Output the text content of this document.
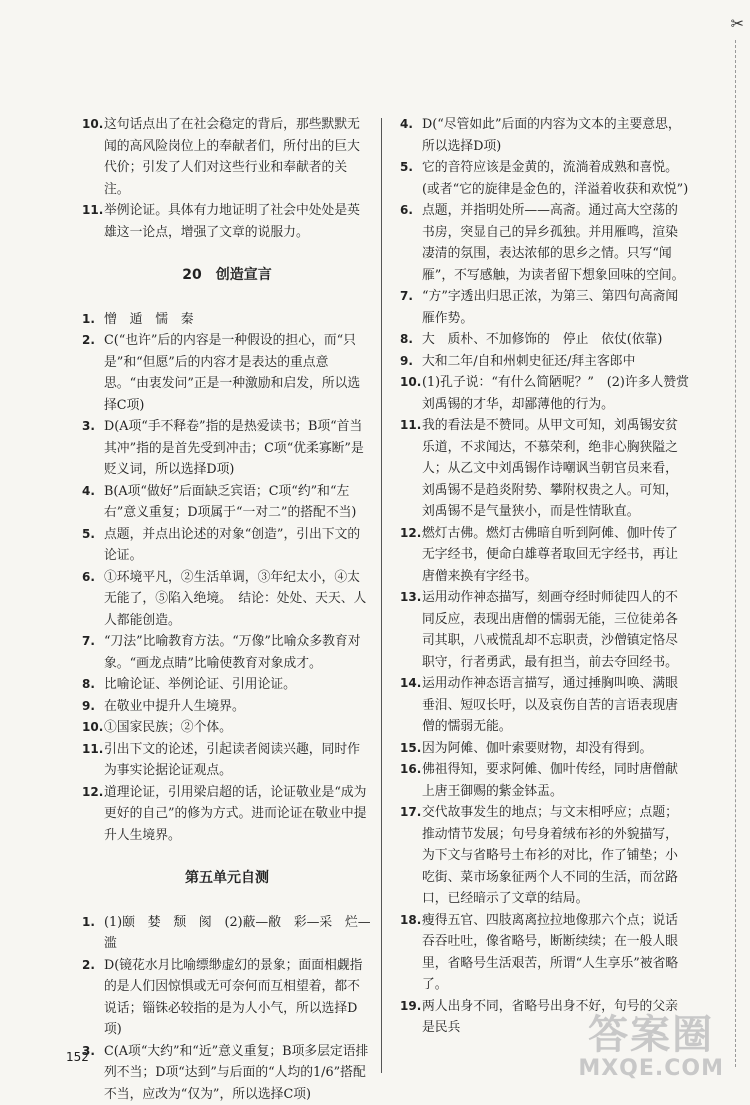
✂
10. 这句话点出了在社会稳定的背后，那些默默无闻的高风险岗位上的奉献者们，所付出的巨大代价；引发了人们对这些行业和奉献者的关注。
11. 举例论证。具体有力地证明了社会中处处是英雄这一论点，增强了文章的说服力。
20　创造宣言
1. 憎　遁　懦　秦
2. C(“也许”后的内容是一种假设的担心，而“只是”和“但愿”后的内容才是表达的重点意思。“由衷发问”正是一种激励和启发，所以选择C项)
3. D(A项“手不释卷”指的是热爱读书；B项“首当其冲”指的是首先受到冲击；C项“优柔寡断”是贬义词，所以选择D项)
4. B(A项“做好”后面缺乏宾语；C项“约”和“左右”意义重复；D项属于“一对二”的搭配不当)
5. 点题，并点出论述的对象“创造”，引出下文的论证。
6. ①环境平凡，②生活单调，③年纪太小，④太无能了，⑤陷入绝境。　结论：处处、天天、人人都能创造。
7. “刀法”比喻教育方法。“万像”比喻众多教育对象。“画龙点睛”比喻使教育对象成才。
8. 比喻论证、举例论证、引用论证。
9. 在敬业中提升人生境界。
10. ①国家民族；②个体。
11. 引出下文的论述，引起读者阅读兴趣，同时作为事实论据论证观点。
12. 道理论证，引用梁启超的话，论证敬业是“成为更好的自己”的修为方式。进而论证在敬业中提升人生境界。
第五单元自测
1. (1)颐　婪　颓　阂　(2)蔽—敝　彩—采　烂—滥
2. D(镜花水月比喻缥缈虚幻的景象；面面相觑指的是人们因惊惧或无可奈何而互相望着，都不说话；锱铢必较指的是为人小气，所以选择D项)
3. C(A项“大约”和“近”意义重复；B项多层定语排列不当；D项“达到”与后面的“人均的1/6”搭配不当，应改为“仅为”，所以选择C项)
4. D(“尽管如此”后面的内容为文本的主要意思，所以选择D项)
5. 它的音符应该是金黄的，流淌着成熟和喜悦。(或者“它的旋律是金色的，洋溢着收获和欢悦”)
6. 点题，并指明处所——高斋。通过高大空荡的书房，突显自己的异乡孤独。并用雁鸣，渲染凄清的氛围，表达浓郁的思乡之情。只写“闻雁”，不写感触，为读者留下想象回味的空间。
7. “方”字透出归思正浓，为第三、第四句高斋闻雁作势。
8. 大　质朴、不加修饰的　停止　依仗(依靠)
9. 大和二年/自和州刺史征还/拜主客郎中
10. (1)孔子说：“有什么简陋呢？”　(2)许多人赞赏刘禹锡的才华，却鄙薄他的行为。
11. 我的看法是不赞同。从甲文可知，刘禹锡安贫乐道，不求闻达，不慕荣利，绝非心胸狭隘之人；从乙文中刘禹锡作诗嘲讽当朝官员来看，刘禹锡不是趋炎附势、攀附权贵之人。可知，刘禹锡不是气量狭小，而是性情耿直。
12. 燃灯古佛。燃灯古佛暗自听到阿傩、伽叶传了无字经书，便命白雄尊者取回无字经书，再让唐僧来换有字经书。
13. 运用动作神态描写，刻画夺经时师徒四人的不同反应，表现出唐僧的懦弱无能，三位徒弟各司其职，八戒慌乱却不忘职责，沙僧镇定恪尽职守，行者勇武，最有担当，前去夺回经书。
14. 运用动作神态语言描写，通过捶胸叫唤、满眼垂泪、短叹长吁，以及哀伤自苦的言语表现唐僧的懦弱无能。
15. 因为阿傩、伽叶索要财物，却没有得到。
16. 佛祖得知，要求阿傩、伽叶传经，同时唐僧献上唐王御赐的紫金钵盂。
17. 交代故事发生的地点；与文末相呼应；点题；推动情节发展；句号身着绒布衫的外貌描写，为下文与省略号土布衫的对比，作了铺垫；小吃街、菜市场象征两个人不同的生活，而岔路口，已经暗示了文章的结局。
18. 瘦得五官、四肢离离拉拉地像那六个点；说话吞吞吐吐，像省略号，断断续续；在一般人眼里，省略号生活艰苦，所谓“人生享乐”被省略了。
19. 两人出身不同，省略号出身不好，句号的父亲是民兵
152	答案圈
MXQE.COM
